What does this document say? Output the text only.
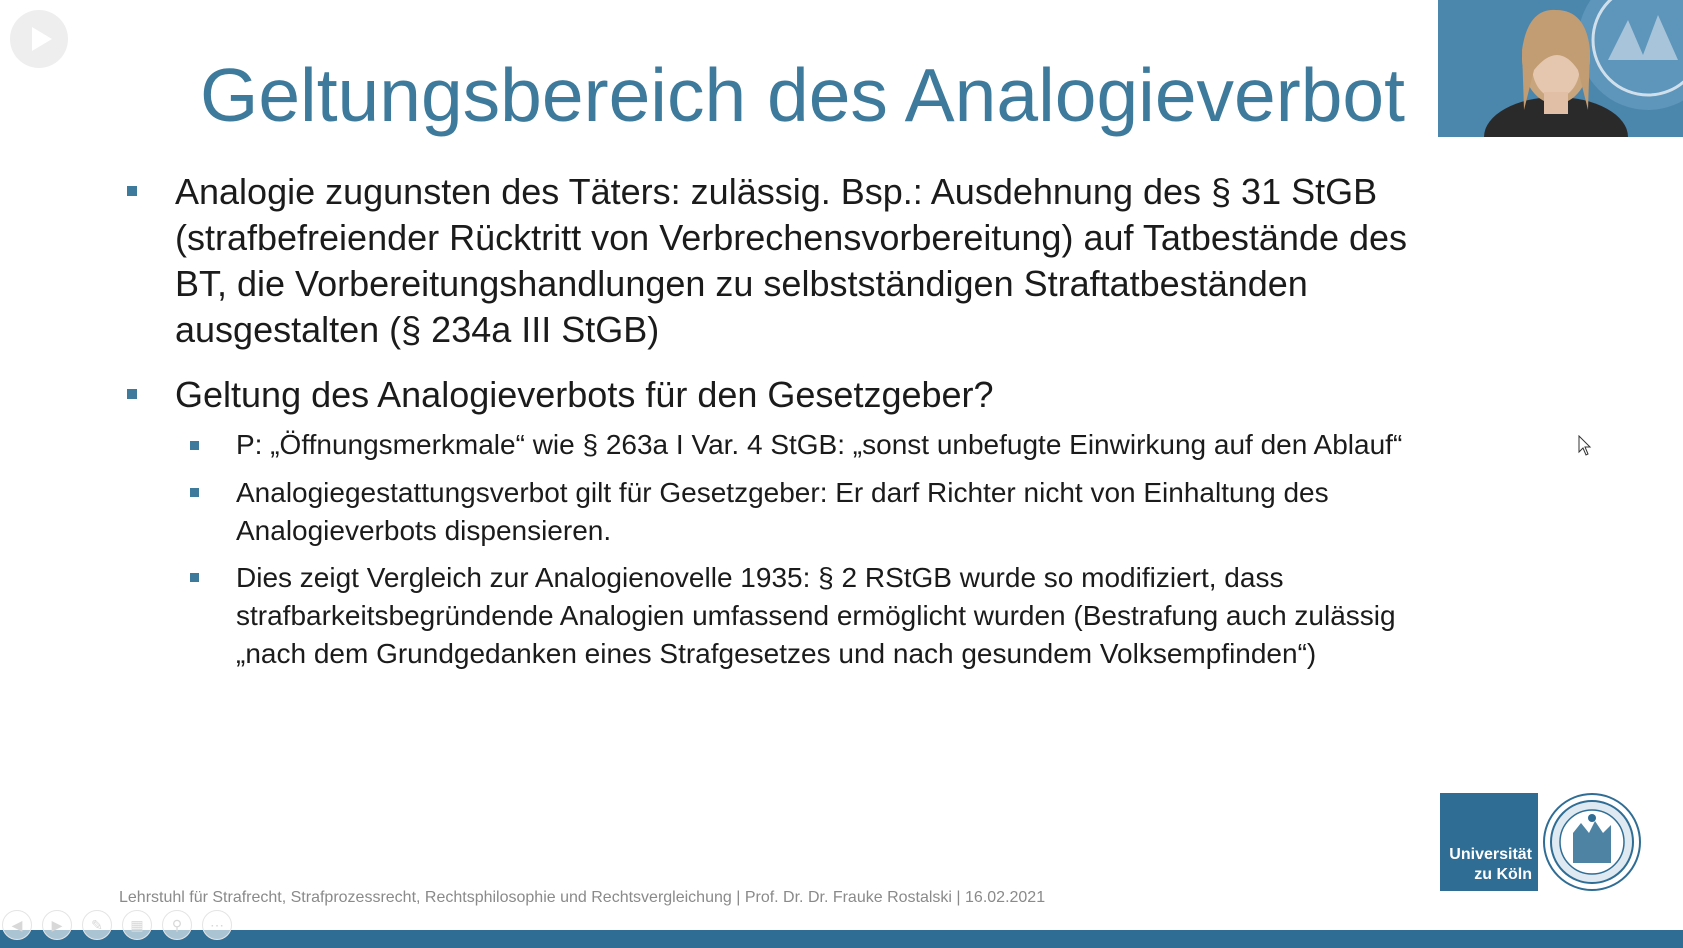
Geltungsbereich des Analogieverbot
Analogie zugunsten des Täters: zulässig. Bsp.: Ausdehnung des § 31 StGB
(strafbefreiender Rücktritt von Verbrechensvorbereitung) auf Tatbestände des
BT, die Vorbereitungshandlungen zu selbstständigen Straftatbeständen
ausgestalten (§ 234a III StGB)
Geltung des Analogieverbots für den Gesetzgeber?
P: „Öffnungsmerkmale“ wie § 263a I Var. 4 StGB: „sonst unbefugte Einwirkung auf den Ablauf“
Analogiegestattungsverbot gilt für Gesetzgeber: Er darf Richter nicht von Einhaltung des
Analogieverbots dispensieren.
Dies zeigt Vergleich zur Analogienovelle 1935: § 2 RStGB wurde so modifiziert, dass
strafbarkeitsbegründende Analogien umfassend ermöglicht wurden (Bestrafung auch zulässig
„nach dem Grundgedanken eines Strafgesetzes und nach gesundem Volksempfinden“)
Universität
zu Köln
Lehrstuhl für Strafrecht, Strafprozessrecht, Rechtsphilosophie und Rechtsvergleichung | Prof. Dr. Dr. Frauke Rostalski | 16.02.2021
◀	▶	✎	▦	⚲	⋯
